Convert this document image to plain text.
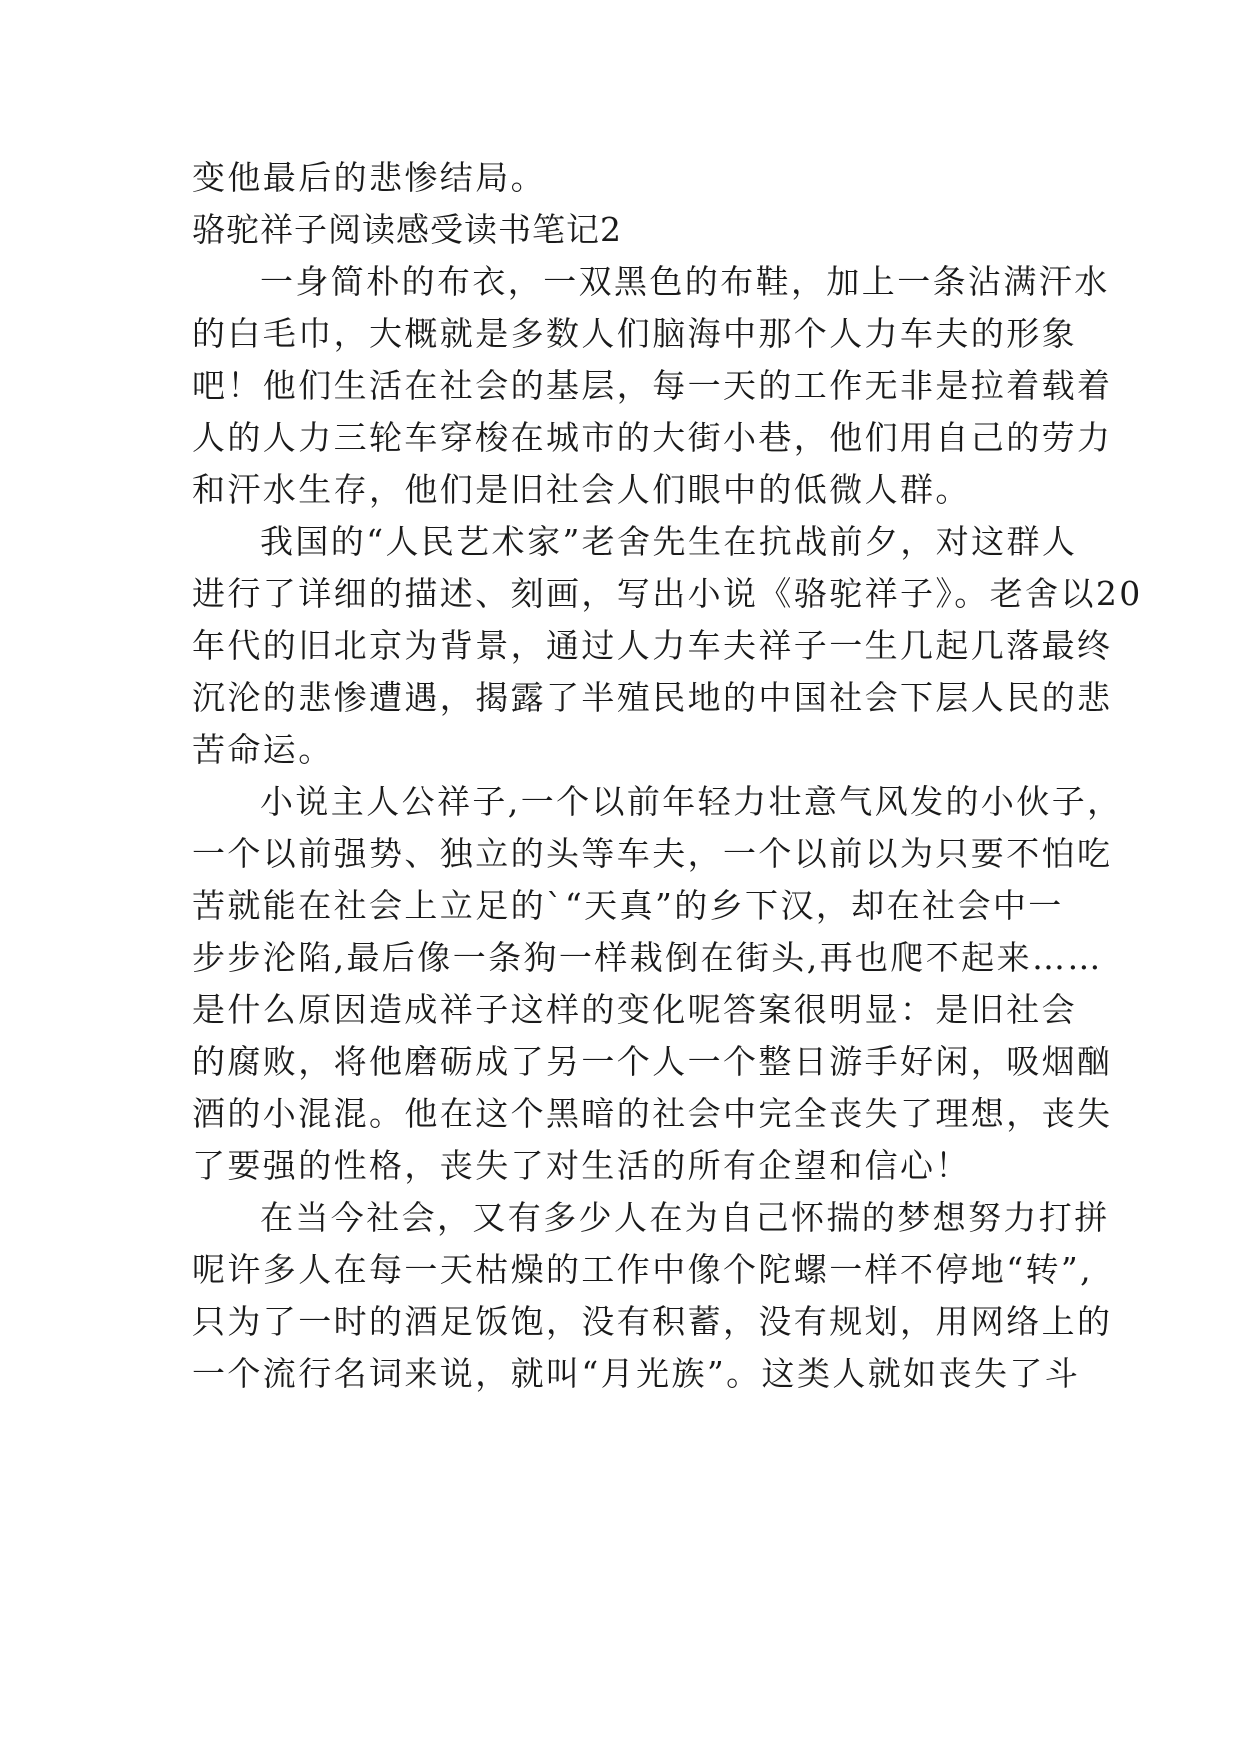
变他最后的悲惨结局。
骆驼祥子阅读感受读书笔记2
一身简朴的布衣，一双黑色的布鞋，加上一条沾满汗水
的白毛巾，大概就是多数人们脑海中那个人力车夫的形象
吧！他们生活在社会的基层，每一天的工作无非是拉着载着
人的人力三轮车穿梭在城市的大街小巷，他们用自己的劳力
和汗水生存，他们是旧社会人们眼中的低微人群。
我国的“人民艺术家”老舍先生在抗战前夕，对这群人
进行了详细的描述、刻画，写出小说《骆驼祥子》。老舍以20
年代的旧北京为背景，通过人力车夫祥子一生几起几落最终
沉沦的悲惨遭遇，揭露了半殖民地的中国社会下层人民的悲
苦命运。
小说主人公祥子,一个以前年轻力壮意气风发的小伙子，
一个以前强势、独立的头等车夫，一个以前以为只要不怕吃
苦就能在社会上立足的`“天真”的乡下汉，却在社会中一
步步沦陷,最后像一条狗一样栽倒在街头,再也爬不起来……
是什么原因造成祥子这样的变化呢答案很明显：是旧社会
的腐败，将他磨砺成了另一个人一个整日游手好闲，吸烟酗
酒的小混混。他在这个黑暗的社会中完全丧失了理想，丧失
了要强的性格，丧失了对生活的所有企望和信心！
在当今社会，又有多少人在为自己怀揣的梦想努力打拼
呢许多人在每一天枯燥的工作中像个陀螺一样不停地“转”,
只为了一时的酒足饭饱，没有积蓄，没有规划，用网络上的
一个流行名词来说，就叫“月光族”。这类人就如丧失了斗
